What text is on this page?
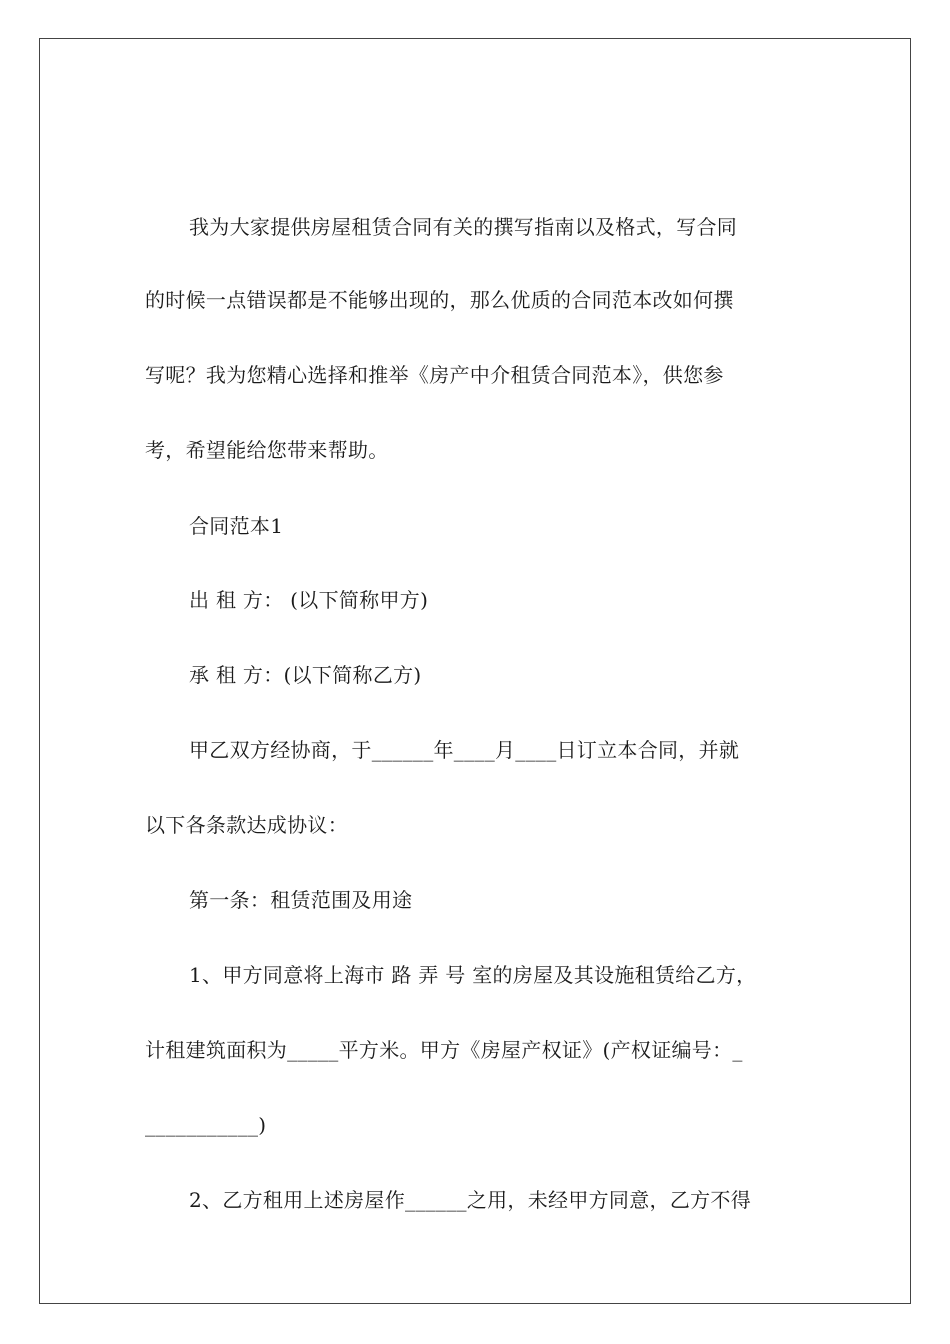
我为大家提供房屋租赁合同有关的撰写指南以及格式，写合同
的时候一点错误都是不能够出现的，那么优质的合同范本改如何撰
写呢？我为您精心选择和推举《房产中介租赁合同范本》，供您参
考，希望能给您带来帮助。
合同范本1
出 租 方： (以下简称甲方)
承 租 方：(以下简称乙方)
甲乙双方经协商，于______年____月____日订立本合同，并就
以下各条款达成协议：
第一条：租赁范围及用途
1、甲方同意将上海市 路 弄 号 室的房屋及其设施租赁给乙方，
计租建筑面积为_____平方米。甲方《房屋产权证》(产权证编号：_
___________)
2、乙方租用上述房屋作______之用，未经甲方同意，乙方不得
